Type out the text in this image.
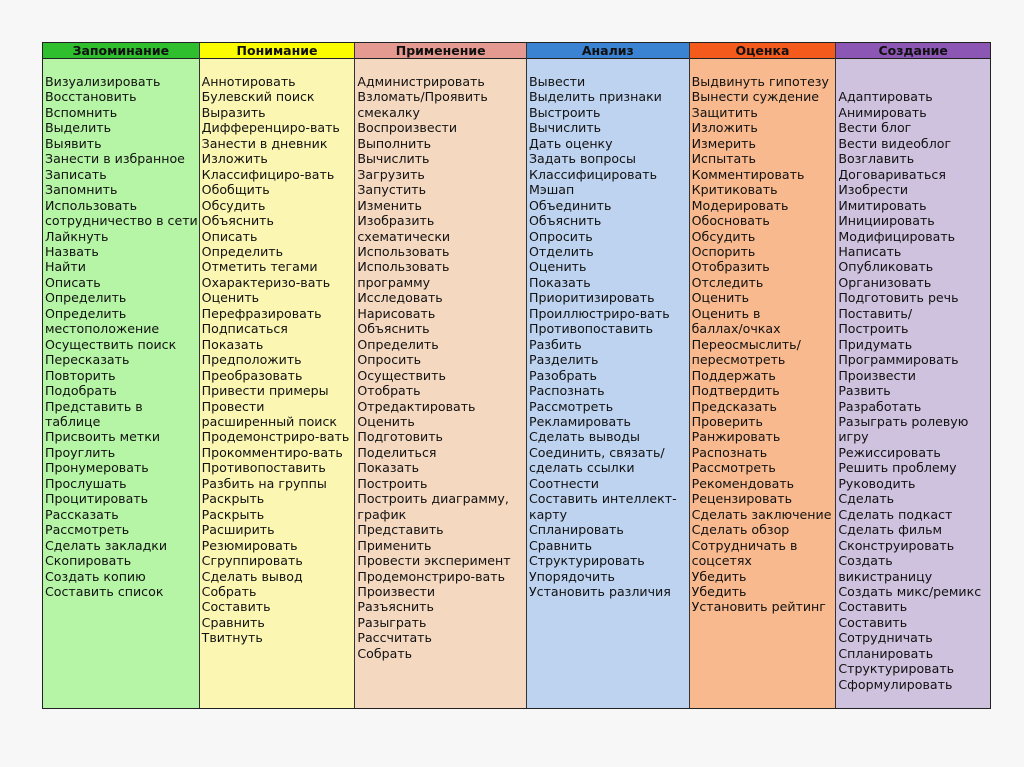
Запоминание
Визуализировать
Восстановить
Вспомнить
Выделить
Выявить
Занести в избранное
Записать
Запомнить
Использовать
сотрудничество в сети
Лайкнуть
Назвать
Найти
Описать
Определить
Определить
местоположение
Осуществить поиск
Пересказать
Повторить
Подобрать
Представить в
таблице
Присвоить метки
Проуглить
Пронумеровать
Прослушать
Процитировать
Рассказать
Рассмотреть
Сделать закладки
Скопировать
Создать копию
Составить список
Понимание
Аннотировать
Булевский поиск
Выразить
Дифференциро-вать
Занести в дневник
Изложить
Классифициро-вать
Обобщить
Обсудить
Объяснить
Описать
Определить
Отметить тегами
Охарактеризо-вать
Оценить
Перефразировать
Подписаться
Показать
Предположить
Преобразовать
Привести примеры
Провести
расширенный поиск
Продемонстриро-вать
Прокомментиро-вать
Противопоставить
Разбить на группы
Раскрыть
Раскрыть
Расширить
Резюмировать
Сгруппировать
Сделать вывод
Собрать
Составить
Сравнить
Твитнуть
Применение
Администрировать
Взломать/Проявить
смекалку
Воспроизвести
Выполнить
Вычислить
Загрузить
Запустить
Изменить
Изобразить
схематически
Использовать
Использовать программу
Исследовать
Нарисовать
Объяснить
Определить
Опросить
Осуществить
Отобрать
Отредактировать
Оценить
Подготовить
Поделиться
Показать
Построить
Построить диаграмму,
график
Представить
Применить
Провести эксперимент
Продемонстриро-вать
Произвести
Разъяснить
Разыграть
Рассчитать
Собрать
Анализ
Вывести
Выделить признаки
Выстроить
Вычислить
Дать оценку
Задать вопросы
Классифицировать
Мэшап
Объединить
Объяснить
Опросить
Отделить
Оценить
Показать
Приоритизировать
Проиллюстриро-вать
Противопоставить
Разбить
Разделить
Разобрать
Распознать
Рассмотреть
Рекламировать
Сделать выводы
Соединить, связать/
сделать ссылки
Соотнести
Составить интеллект-
карту
Спланировать
Сравнить
Структурировать
Упорядочить
Установить различия
Оценка
Выдвинуть гипотезу
Вынести суждение
Защитить
Изложить
Измерить
Испытать
Комментировать
Критиковать
Модерировать
Обосновать
Обсудить
Оспорить
Отобразить
Отследить
Оценить
Оценить в
баллах/очках
Переосмыслить/
пересмотреть
Поддержать
Подтвердить
Предсказать
Проверить
Ранжировать
Распознать
Рассмотреть
Рекомендовать
Рецензировать
Сделать заключение
Сделать обзор
Сотрудничать в
соцсетях
Убедить
Убедить
Установить рейтинг
Создание

Адаптировать
Анимировать
Вести блог
Вести видеоблог
Возглавить
Договариваться
Изобрести
Имитировать
Инициировать
Модифицировать
Написать
Опубликовать
Организовать
Подготовить речь
Поставить/
Построить
Придумать
Программировать
Произвести
Развить
Разработать
Разыграть ролевую
игру
Режиссировать
Решить проблему
Руководить
Сделать
Сделать подкаст
Сделать фильм
Сконструировать
Создать
викистраницу
Создать микс/ремикс
Составить
Составить
Сотрудничать
Спланировать
Структурировать
Сформулировать
